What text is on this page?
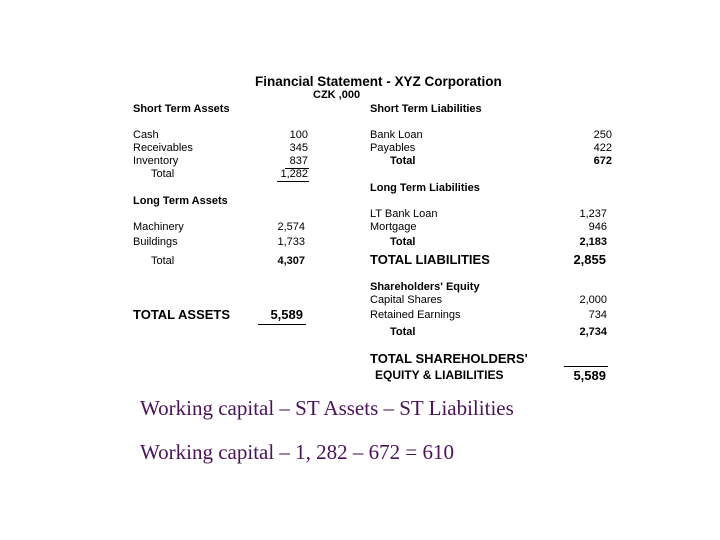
Financial Statement - XYZ Corporation
CZK ,000
Short Term Assets
Cash	100
Receivables	345
Inventory	837
Total	1,282
Long Term Assets
Machinery	2,574
Buildings	1,733
Total	4,307
TOTAL ASSETS	5,589
Short Term Liabilities
Bank Loan	250
Payables	422
Total	672
Long Term Liabilities
LT Bank Loan	1,237
Mortgage	946
Total	2,183
TOTAL LIABILITIES	2,855
Shareholders' Equity
Capital Shares	2,000
Retained Earnings	734
Total	2,734
TOTAL SHAREHOLDERS'
EQUITY & LIABILITIES	5,589
Working capital – ST Assets – ST Liabilities
Working capital – 1, 282 – 672 = 610
